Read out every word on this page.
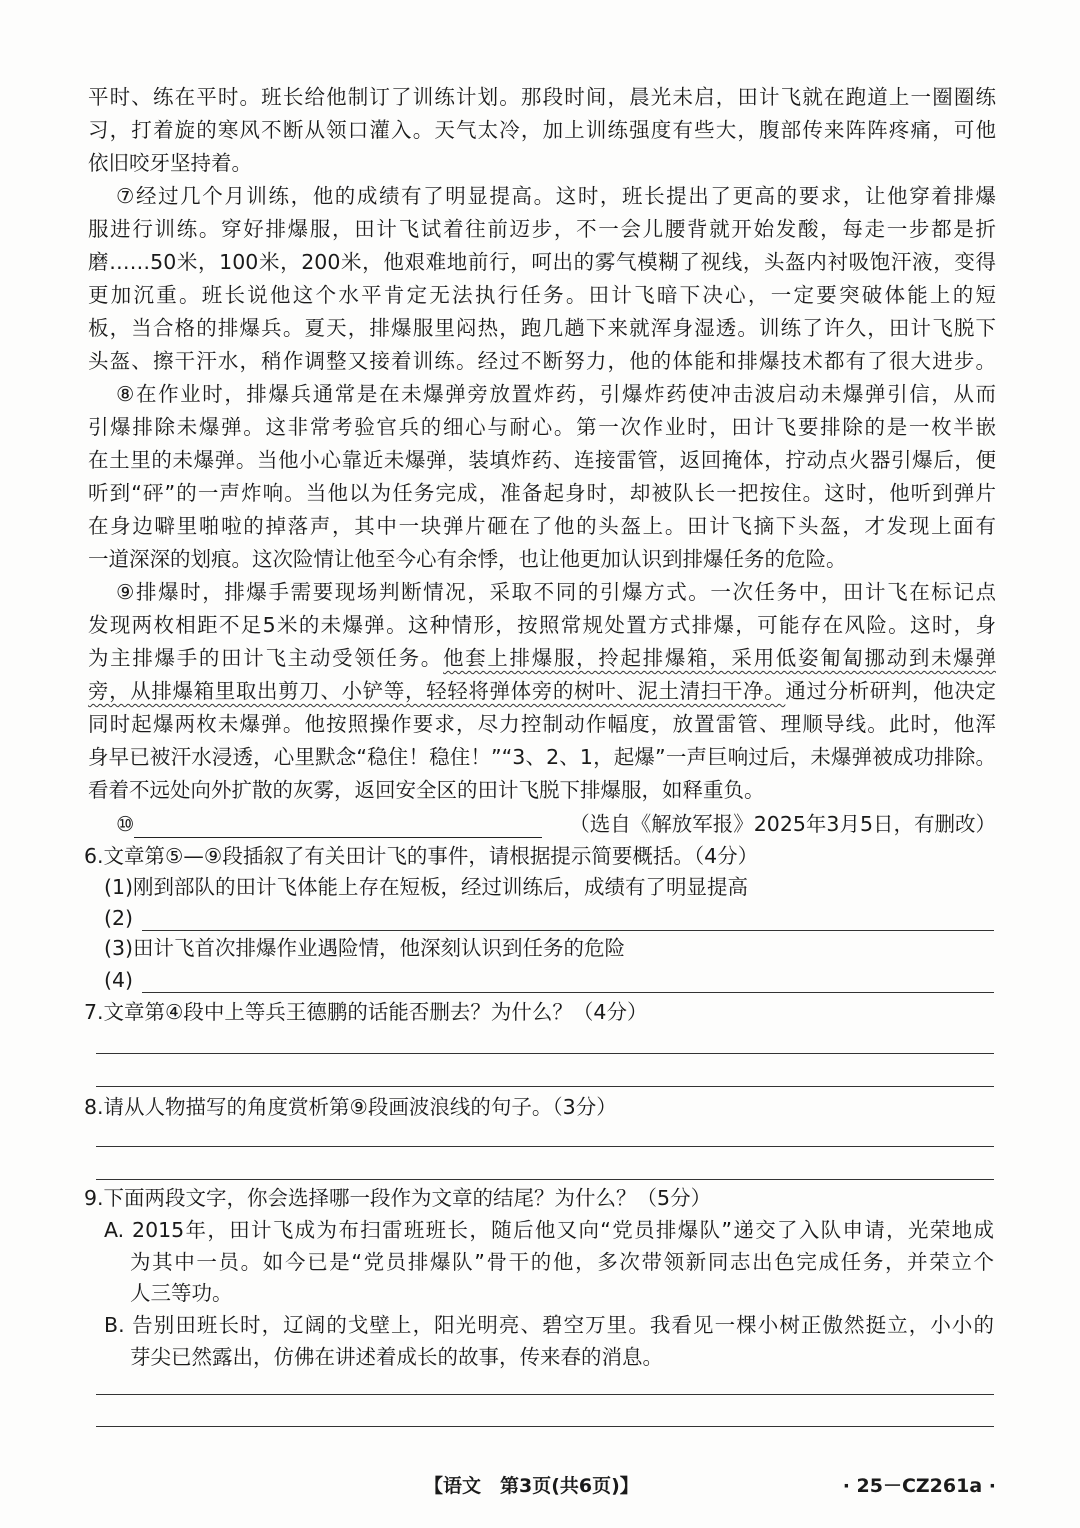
平时、练在平时。班长给他制订了训练计划。那段时间，晨光未启，田计飞就在跑道上一圈圈练
习，打着旋的寒风不断从领口灌入。天气太冷，加上训练强度有些大，腹部传来阵阵疼痛，可他
依旧咬牙坚持着。
⑦经过几个月训练，他的成绩有了明显提高。这时，班长提出了更高的要求，让他穿着排爆
服进行训练。穿好排爆服，田计飞试着往前迈步，不一会儿腰背就开始发酸，每走一步都是折
磨……50米，100米，200米，他艰难地前行，呵出的雾气模糊了视线，头盔内衬吸饱汗液，变得
更加沉重。班长说他这个水平肯定无法执行任务。田计飞暗下决心，一定要突破体能上的短
板，当合格的排爆兵。夏天，排爆服里闷热，跑几趟下来就浑身湿透。训练了许久，田计飞脱下
头盔、擦干汗水，稍作调整又接着训练。经过不断努力，他的体能和排爆技术都有了很大进步。
⑧在作业时，排爆兵通常是在未爆弹旁放置炸药，引爆炸药使冲击波启动未爆弹引信，从而
引爆排除未爆弹。这非常考验官兵的细心与耐心。第一次作业时，田计飞要排除的是一枚半嵌
在土里的未爆弹。当他小心靠近未爆弹，装填炸药、连接雷管，返回掩体，拧动点火器引爆后，便
听到“砰”的一声炸响。当他以为任务完成，准备起身时，却被队长一把按住。这时，他听到弹片
在身边噼里啪啦的掉落声，其中一块弹片砸在了他的头盔上。田计飞摘下头盔，才发现上面有
一道深深的划痕。这次险情让他至今心有余悸，也让他更加认识到排爆任务的危险。
⑨排爆时，排爆手需要现场判断情况，采取不同的引爆方式。一次任务中，田计飞在标记点
发现两枚相距不足5米的未爆弹。这种情形，按照常规处置方式排爆，可能存在风险。这时，身
为主排爆手的田计飞主动受领任务。他套上排爆服，拎起排爆箱，采用低姿匍匐挪动到未爆弹
旁，从排爆箱里取出剪刀、小铲等，轻轻将弹体旁的树叶、泥土清扫干净。通过分析研判，他决定
同时起爆两枚未爆弹。他按照操作要求，尽力控制动作幅度，放置雷管、理顺导线。此时，他浑
身早已被汗水浸透，心里默念“稳住！稳住！”“3、2、1，起爆”一声巨响过后，未爆弹被成功排除。
看着不远处向外扩散的灰雾，返回安全区的田计飞脱下排爆服，如释重负。
⑩	（选自《解放军报》2025年3月5日，有删改）
6.文章第⑤—⑨段插叙了有关田计飞的事件，请根据提示简要概括。（4分）
(1)刚到部队的田计飞体能上存在短板，经过训练后，成绩有了明显提高
(2)
(3)田计飞首次排爆作业遇险情，他深刻认识到任务的危险
(4)
7.文章第④段中上等兵王德鹏的话能否删去？为什么？（4分）
8.请从人物描写的角度赏析第⑨段画波浪线的句子。（3分）
9.下面两段文字，你会选择哪一段作为文章的结尾？为什么？（5分）
A. 2015年，田计飞成为布扫雷班班长，随后他又向“党员排爆队”递交了入队申请，光荣地成
为其中一员。如今已是“党员排爆队”骨干的他，多次带领新同志出色完成任务，并荣立个
人三等功。
B. 告别田班长时，辽阔的戈壁上，阳光明亮、碧空万里。我看见一棵小树正傲然挺立，小小的
芽尖已然露出，仿佛在讲述着成长的故事，传来春的消息。
【语文　第3页(共6页)】	· 25－CZ261a ·
